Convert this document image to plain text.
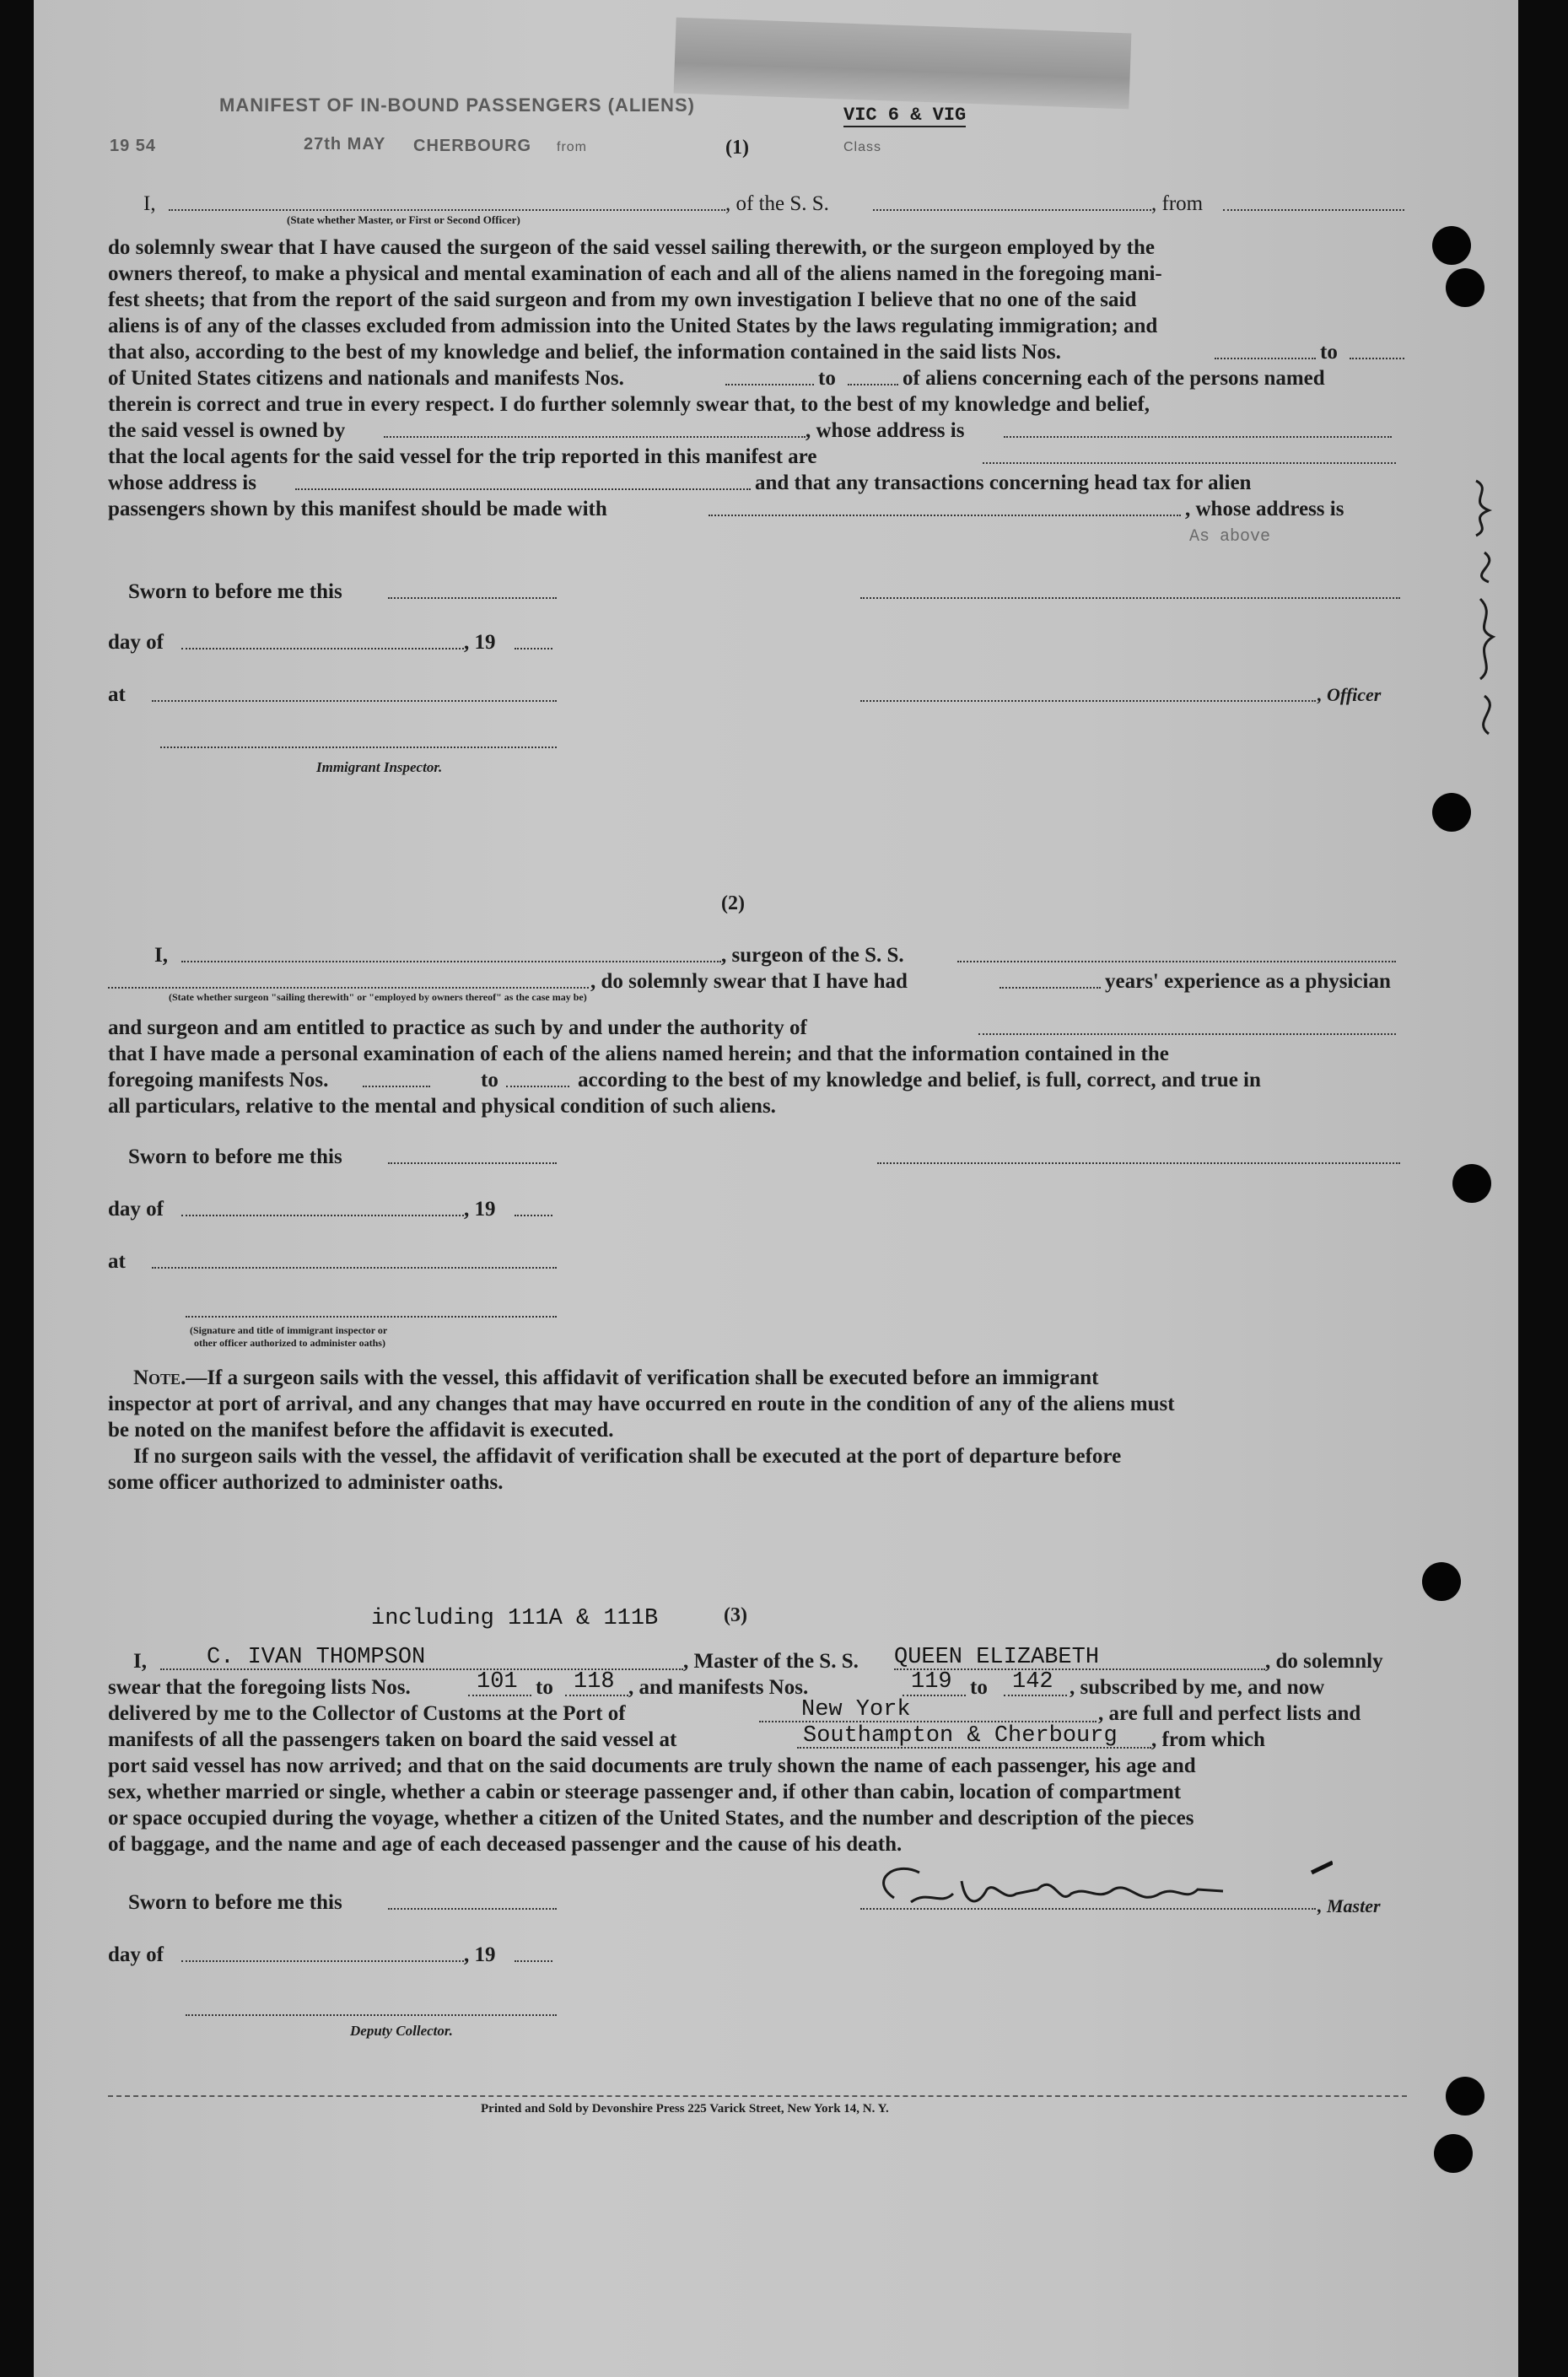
MANIFEST OF IN-BOUND PASSENGERS (ALIENS)
27th MAY
19 54	CHERBOURG from	Class
VIC 6 & VIG
(1)
I,	, of the S. S.	, from
(State whether Master, or First or Second Officer)
do solemnly swear that I have caused the surgeon of the said vessel sailing therewith, or the surgeon employed by the
owners thereof, to make a physical and mental examination of each and all of the aliens named in the foregoing mani-
fest sheets; that from the report of the said surgeon and from my own investigation I believe that no one of the said
aliens is of any of the classes excluded from admission into the United States by the laws regulating immigration; and
that also, according to the best of my knowledge and belief, the information contained in the said lists Nos.	to
of United States citizens and nationals and manifests Nos.	to	of aliens concerning each of the persons named
therein is correct and true in every respect. I do further solemnly swear that, to the best of my knowledge and belief,
the said vessel is owned by	, whose address is
that the local agents for the said vessel for the trip reported in this manifest are
whose address is	and that any transactions concerning head tax for alien
passengers shown by this manifest should be made with	, whose address is
As above
Sworn to before me this
day of	, 19
at	, Officer
Immigrant Inspector.
(2)
I,	, surgeon of the S. S.
, do solemnly swear that I have had	years' experience as a physician
(State whether surgeon "sailing therewith" or "employed by owners thereof" as the case may be)
and surgeon and am entitled to practice as such by and under the authority of
that I have made a personal examination of each of the aliens named herein; and that the information contained in the
foregoing manifests Nos.	to	according to the best of my knowledge and belief, is full, correct, and true in
all particulars, relative to the mental and physical condition of such aliens.
Sworn to before me this
day of	, 19
at
(Signature and title of immigrant inspector or
other officer authorized to administer oaths)
Note.—If a surgeon sails with the vessel, this affidavit of verification shall be executed before an immigrant
inspector at port of arrival, and any changes that may have occurred en route in the condition of any of the aliens must
be noted on the manifest before the affidavit is executed.
If no surgeon sails with the vessel, the affidavit of verification shall be executed at the port of departure before
some officer authorized to administer oaths.
including 111A & 111B	(3)
I,	C. IVAN THOMPSON	, Master of the S. S. QUEEN ELIZABETH	, do solemnly
swear that the foregoing lists Nos.	101 to 118 , and manifests Nos.	119 to 142 , subscribed by me, and now
delivered by me to the Collector of Customs at the Port of	New York	, are full and perfect lists and
manifests of all the passengers taken on board the said vessel at	Southampton & Cherbourg , from which
port said vessel has now arrived; and that on the said documents are truly shown the name of each passenger, his age and
sex, whether married or single, whether a cabin or steerage passenger and, if other than cabin, location of compartment
or space occupied during the voyage, whether a citizen of the United States, and the number and description of the pieces
of baggage, and the name and age of each deceased passenger and the cause of his death.
Sworn to before me this	, Master
day of	, 19
Deputy Collector.
Printed and Sold by Devonshire Press 225 Varick Street, New York 14, N. Y.
